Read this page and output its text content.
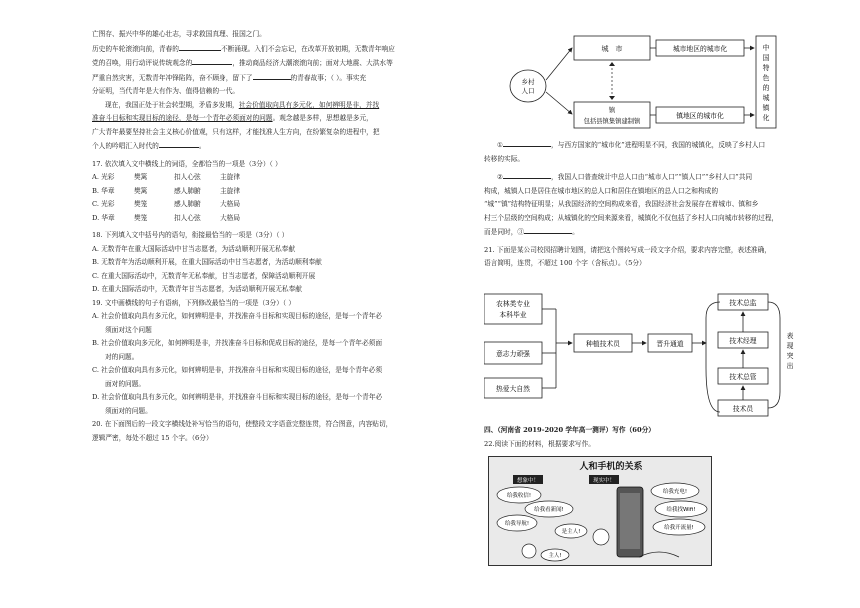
亡图存、振兴中华的雄心壮志，寻求救国真理、报国之门。

历史的车轮滚滚向前，青春的	不断涌现。入们不会忘记，在改革开放初期，无数青年响应

党的召唤，用行动评说传统观念的	，推动商品经济大潮滚滚向前；面对大地震、大洪水等

严重自然灾害，无数青年冲锋陷阵，奋不顾身，留下了	的青春故事；（ ）。事实充

分证明，当代青年是大有作为、值得信赖的一代。

现在，我国正处于社会转型期，矛盾多发期，社会价值取向具有多元化，如何辨明是非，并找

准奋斗目标和实现目标的途径，是每一个青年必须面对的问题。观念越是多样，思想越是多元，

广大青年最要坚持社会主义核心价值观，只有这样，才能找准人生方向，在纷繁复杂的进程中，把

个人的吟唱汇入时代的	。

17. 依次填入文中横线上的词语，全都恰当的一项是（3分）（ ）

A. 光彩	樊篱	扣人心弦	主旋律

B. 华章	樊篱	感人肺腑	主旋律

C. 光彩	樊笼	感人肺腑	大格局

D. 华章	樊笼	扣人心弦	大格局

18. 下列填入文中括号内的语句，衔接最恰当的一项是（3分）（ ）

A. 无数青年在重大国际活动中甘当志愿者，为活动顺利开展无私奉献

B. 无数青年为活动顺利开展，在重大国际活动中甘当志愿者，为活动顺利奉献

C. 在重大国际活动中，无数青年无私奉献，甘当志愿者，保障活动顺利开展

D. 在重大国际活动中，无数青年甘当志愿者，为活动顺利开展无私奉献

19. 文中画横线的句子有语病，下列修改最恰当的一项是（3分）（ ）

A. 社会价值取向具有多元化，如何辨明是非，并找准奋斗目标和实现目标的途径，是每一个青年必

须面对这个问题

B. 社会价值取向多元化，如何辨明是非，并找准奋斗目标和促成目标的途径，是每一个青年必须面

对的问题。

C. 社会价值取向具有多元化，如何辨明是非，并找准奋斗目标和实现目标的途径，是每个青年必须

面对的问题。

D. 社会价值取向具有多元化，如何辨明是非，并找准奋斗目标和实现目标的途径，是每一个青年必

须面对的问题。

20. 在下面图后的一段文字横线处补写恰当的语句，使整段文字语意完整连贯，符合图意，内容贴切，

逻辑严密，每处不超过 15 个字。（6分）

乡村
人口
城　市
镇
包括县镇集镇建制镇
城市地区的城市化
镇地区的城市化
中
国
特
色
的
城
镇
化

①	，与西方国家的“城市化”进程明显不同，我国的城镇化，反映了乡村人口

转移的实际。

②	，我国人口普查统计中总人口由“城市人口”“镇人口”“乡村人口”共同

构成，城镇人口是居住在城市地区的总人口和居住在镇地区的总人口之和构成的

“城”“镇”结构特征明显；从我国经济的空间构成来看，我国经济社会发展存在着城市、镇和乡

村三个层级的空间构成；从城镇化的空间来源来看，城镇化不仅包括了乡村人口向城市转移的过程，

而是同时，③	。

21. 下面是某公司校园招聘计划图，请把这个图转写成一段文字介绍，要求内容完整，表述准确，

语言简明，连贯，不超过 100 个字（含标点）。（5分）

农林类专业
本科毕业
意志力顽强
热爱大自然
种植技术员	晋升通道
技术总监
技术经理
技术总管
技术员
表
现
突
出

四、（河南省 2019-2020 学年高一测评）写作（60分）

22.阅读下面的材料，根据要求写作。

人和手机的关系
想象中！	现实中！
给我收信!
给我看新闻!
给我导航!
给我充电!
给我找Wifi!
给我开流量!
是主人!
主人!
